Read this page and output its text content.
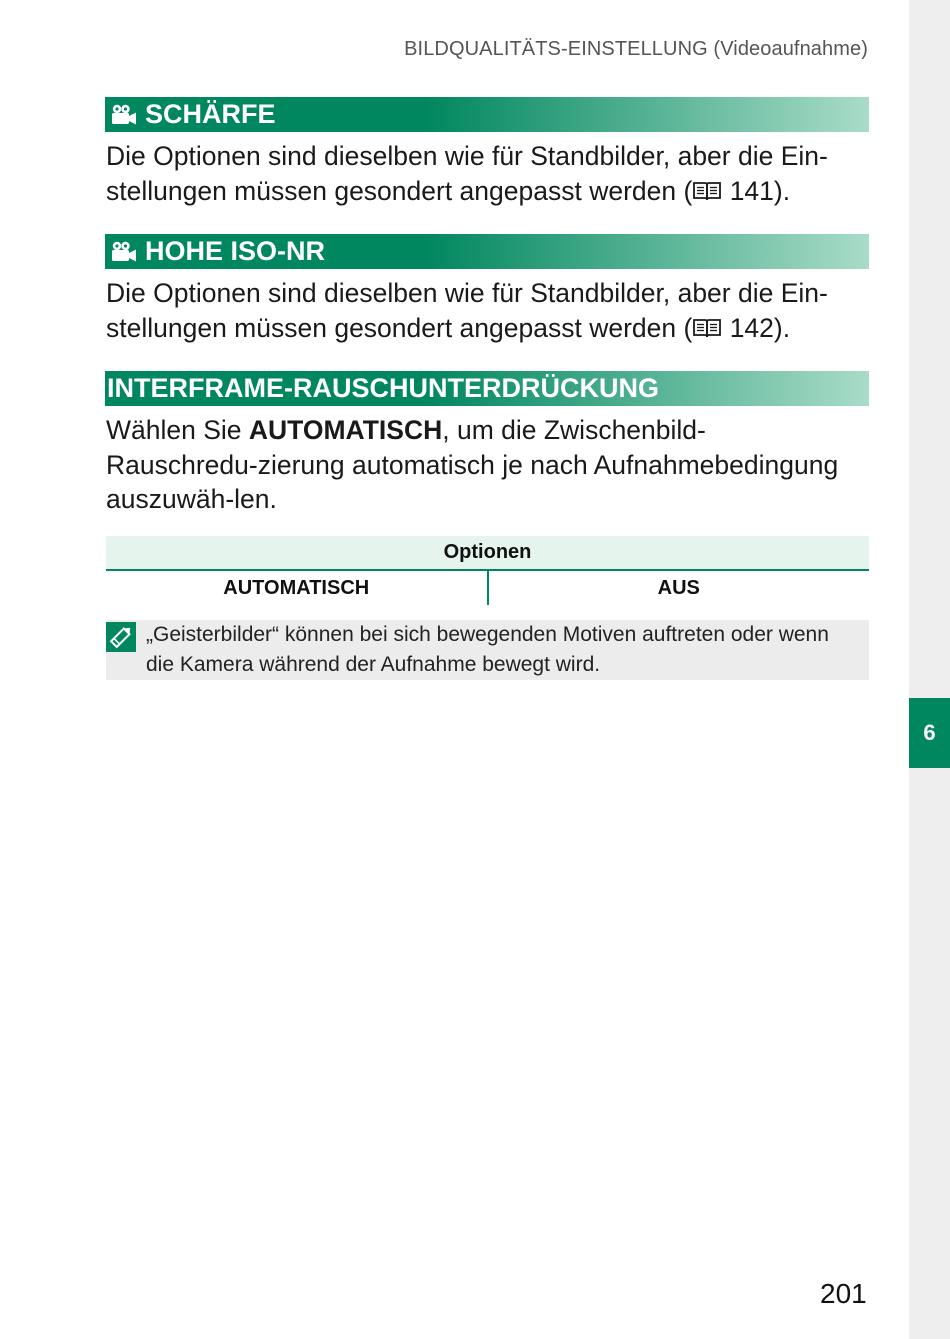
6
BILDQUALITÄTS-EINSTELLUNG (Videoaufnahme)
SCHÄRFE
Die Optionen sind dieselben wie für Standbilder, aber die Ein-stellungen müssen gesondert angepasst werden ( 141).
HOHE ISO-NR
Die Optionen sind dieselben wie für Standbilder, aber die Ein-stellungen müssen gesondert angepasst werden ( 142).
INTERFRAME-RAUSCHUNTERDRÜCKUNG
Wählen Sie AUTOMATISCH, um die Zwischenbild-Rauschredu-zierung automatisch je nach Aufnahmebedingung auszuwäh-len.
Optionen
AUTOMATISCH	AUS
„Geisterbilder“ können bei sich bewegenden Motiven auftreten oder wenn die Kamera während der Aufnahme bewegt wird.
201
